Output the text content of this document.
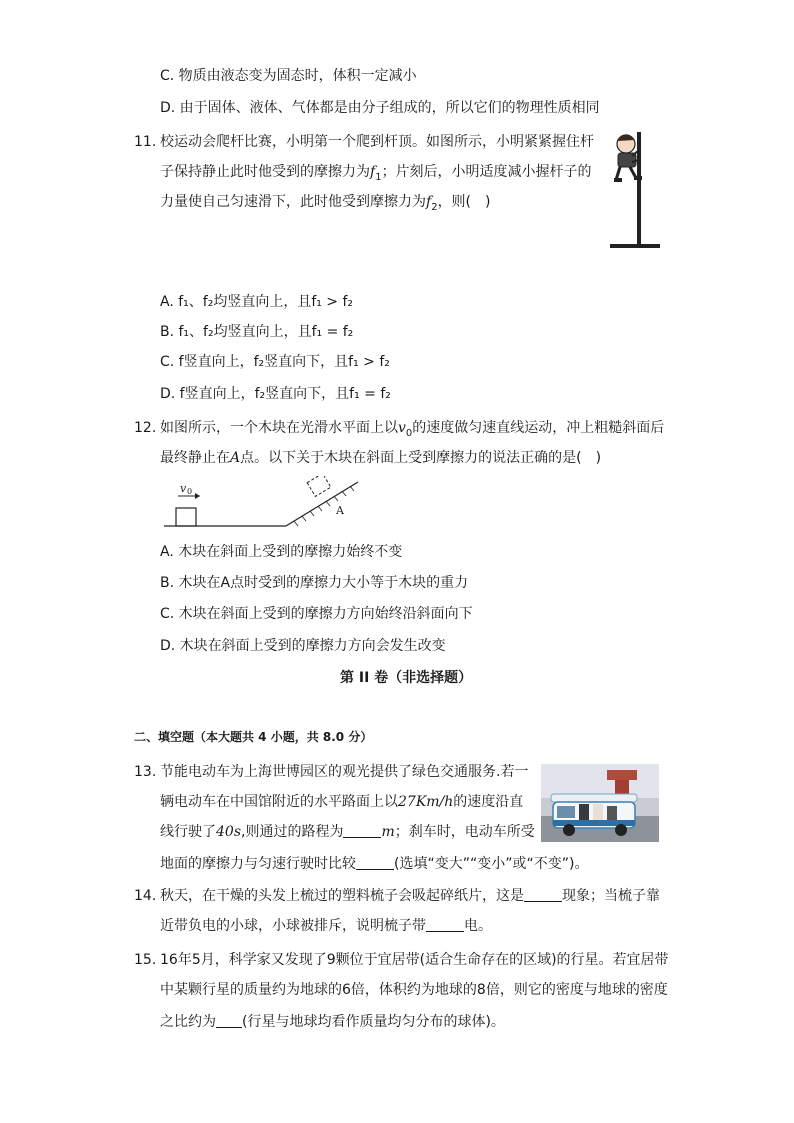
C. 物质由液态变为固态时，体积一定减小
D. 由于固体、液体、气体都是由分子组成的，所以它们的物理性质相同
11. 校运动会爬杆比赛，小明第一个爬到杆顶。如图所示，小明紧紧握住杆
子保持静止此时他受到的摩擦力为$f_1$；片刻后，小明适度减小握杆子的
力量使自己匀速滑下，此时他受到摩擦力为$f_2$，则(　)
A. f₁、f₂均竖直向上，且f₁ > f₂
B. f₁、f₂均竖直向上，且f₁ = f₂
C. f竖直向上，f₂竖直向下，且f₁ > f₂
D. f竖直向上，f₂竖直向下，且f₁ = f₂
12. 如图所示，一个木块在光滑水平面上以$v_0$的速度做匀速直线运动，冲上粗糙斜面后
最终静止在A点。以下关于木块在斜面上受到摩擦力的说法正确的是(　)
v 0
A
A. 木块在斜面上受到的摩擦力始终不变
B. 木块在A点时受到的摩擦力大小等于木块的重力
C. 木块在斜面上受到的摩擦力方向始终沿斜面向下
D. 木块在斜面上受到的摩擦力方向会发生改变
第 II 卷（非选择题）
二、填空题（本大题共 4 小题，共 8.0 分）
13. 节能电动车为上海世博园区的观光提供了绿色交通服务.若一
辆电动车在中国馆附近的水平路面上以27Km/h的速度沿直
线行驶了40s,则通过的路程为	m；刹车时，电动车所受
地面的摩擦力与匀速行驶时比较	(选填“变大”“变小”或“不变”)。
14. 秋天，在干燥的头发上梳过的塑料梳子会吸起碎纸片，这是	现象；当梳子靠
近带负电的小球，小球被排斥，说明梳子带	电。
15. 16年5月，科学家又发现了9颗位于宜居带(适合生命存在的区域)的行星。若宜居带
中某颗行星的质量约为地球的6倍，体积约为地球的8倍，则它的密度与地球的密度
之比约为 (行星与地球均看作质量均匀分布的球体)。
